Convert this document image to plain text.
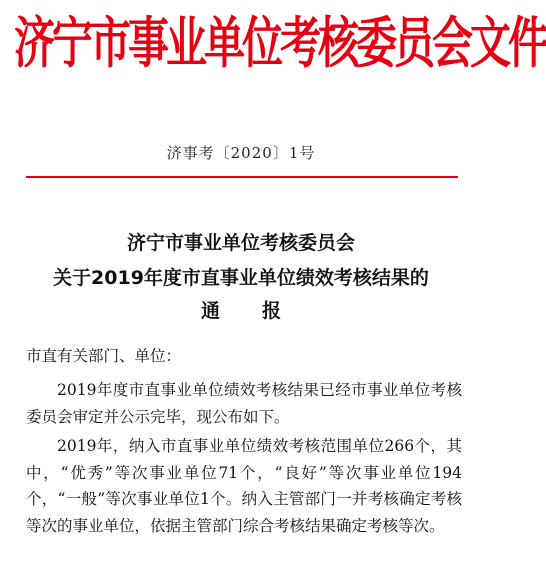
济宁市事业单位考核委员会文件
济事考〔2020〕1号
济宁市事业单位考核委员会
关于2019年度市直事业单位绩效考核结果的
通 报
市直有关部门、单位：
2019年度市直事业单位绩效考核结果已经市事业单位考核委员会审定并公示完毕，现公布如下。
2019年，纳入市直事业单位绩效考核范围单位266个，其中，“优秀”等次事业单位71个，“良好”等次事业单位194个，“一般”等次事业单位1个。纳入主管部门一并考核确定考核等次的事业单位，依据主管部门综合考核结果确定考核等次。
